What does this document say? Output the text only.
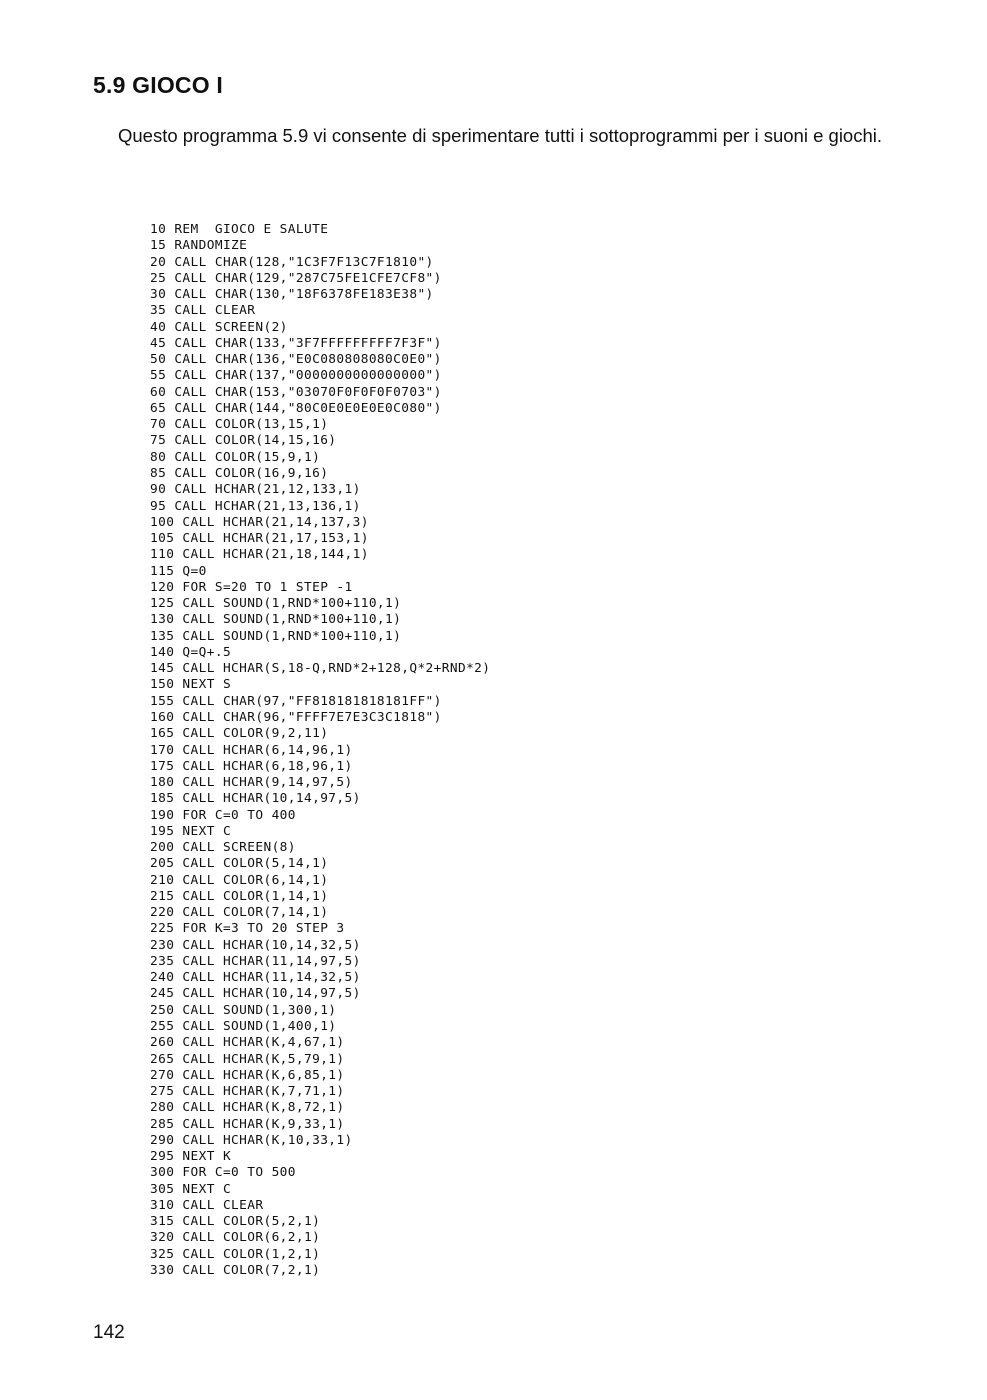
5.9 GIOCO I

Questo programma 5.9 vi consente di sperimentare tutti i sottoprogrammi per i suoni e giochi.

10 REM  GIOCO E SALUTE
15 RANDOMIZE
20 CALL CHAR(128,"1C3F7F13C7F1810")
25 CALL CHAR(129,"287C75FE1CFE7CF8")
30 CALL CHAR(130,"18F6378FE183E38")
35 CALL CLEAR
40 CALL SCREEN(2)
45 CALL CHAR(133,"3F7FFFFFFFFF7F3F")
50 CALL CHAR(136,"E0C080808080C0E0")
55 CALL CHAR(137,"0000000000000000")
60 CALL CHAR(153,"03070F0F0F0F0703")
65 CALL CHAR(144,"80C0E0E0E0E0C080")
70 CALL COLOR(13,15,1)
75 CALL COLOR(14,15,16)
80 CALL COLOR(15,9,1)
85 CALL COLOR(16,9,16)
90 CALL HCHAR(21,12,133,1)
95 CALL HCHAR(21,13,136,1)
100 CALL HCHAR(21,14,137,3)
105 CALL HCHAR(21,17,153,1)
110 CALL HCHAR(21,18,144,1)
115 Q=0
120 FOR S=20 TO 1 STEP -1
125 CALL SOUND(1,RND*100+110,1)
130 CALL SOUND(1,RND*100+110,1)
135 CALL SOUND(1,RND*100+110,1)
140 Q=Q+.5
145 CALL HCHAR(S,18-Q,RND*2+128,Q*2+RND*2)
150 NEXT S
155 CALL CHAR(97,"FF818181818181FF")
160 CALL CHAR(96,"FFFF7E7E3C3C1818")
165 CALL COLOR(9,2,11)
170 CALL HCHAR(6,14,96,1)
175 CALL HCHAR(6,18,96,1)
180 CALL HCHAR(9,14,97,5)
185 CALL HCHAR(10,14,97,5)
190 FOR C=0 TO 400
195 NEXT C
200 CALL SCREEN(8)
205 CALL COLOR(5,14,1)
210 CALL COLOR(6,14,1)
215 CALL COLOR(1,14,1)
220 CALL COLOR(7,14,1)
225 FOR K=3 TO 20 STEP 3
230 CALL HCHAR(10,14,32,5)
235 CALL HCHAR(11,14,97,5)
240 CALL HCHAR(11,14,32,5)
245 CALL HCHAR(10,14,97,5)
250 CALL SOUND(1,300,1)
255 CALL SOUND(1,400,1)
260 CALL HCHAR(K,4,67,1)
265 CALL HCHAR(K,5,79,1)
270 CALL HCHAR(K,6,85,1)
275 CALL HCHAR(K,7,71,1)
280 CALL HCHAR(K,8,72,1)
285 CALL HCHAR(K,9,33,1)
290 CALL HCHAR(K,10,33,1)
295 NEXT K
300 FOR C=0 TO 500
305 NEXT C
310 CALL CLEAR
315 CALL COLOR(5,2,1)
320 CALL COLOR(6,2,1)
325 CALL COLOR(1,2,1)
330 CALL COLOR(7,2,1)
142
